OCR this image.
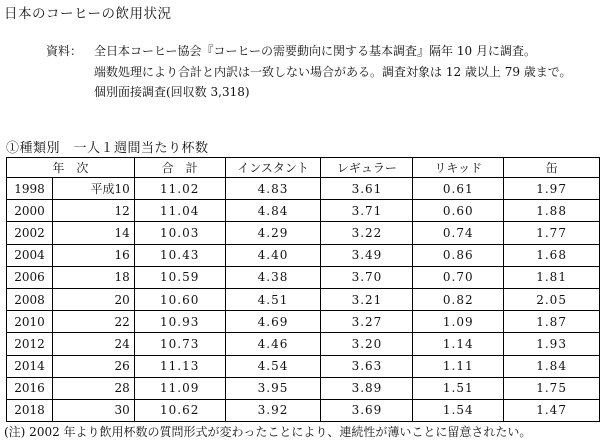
日本のコーヒーの飲用状況
資料： 全日本コーヒー協会『コーヒーの需要動向に関する基本調査』隔年 10 月に調査。
端数処理により合計と内訳は一致しない場合がある。調査対象は 12 歳以上 79 歳まで。
個別面接調査(回収数 3,318)
①種類別　一人１週間当たり杯数
年　次		合　計	インスタント	レギュラー	リキッド	缶
1998	平成10	11.02	4.83	3.61	0.61	1.97
2000	12	11.04	4.84	3.71	0.60	1.88
2002	14	10.03	4.29	3.22	0.74	1.77
2004	16	10.43	4.40	3.49	0.86	1.68
2006	18	10.59	4.38	3.70	0.70	1.81
2008	20	10.60	4.51	3.21	0.82	2.05
2010	22	10.93	4.69	3.27	1.09	1.87
2012	24	10.73	4.46	3.20	1.14	1.93
2014	26	11.13	4.54	3.63	1.11	1.84
2016	28	11.09	3.95	3.89	1.51	1.75
2018	30	10.62	3.92	3.69	1.54	1.47
(注) 2002 年より飲用杯数の質問形式が変わったことにより、連続性が薄いことに留意されたい。
